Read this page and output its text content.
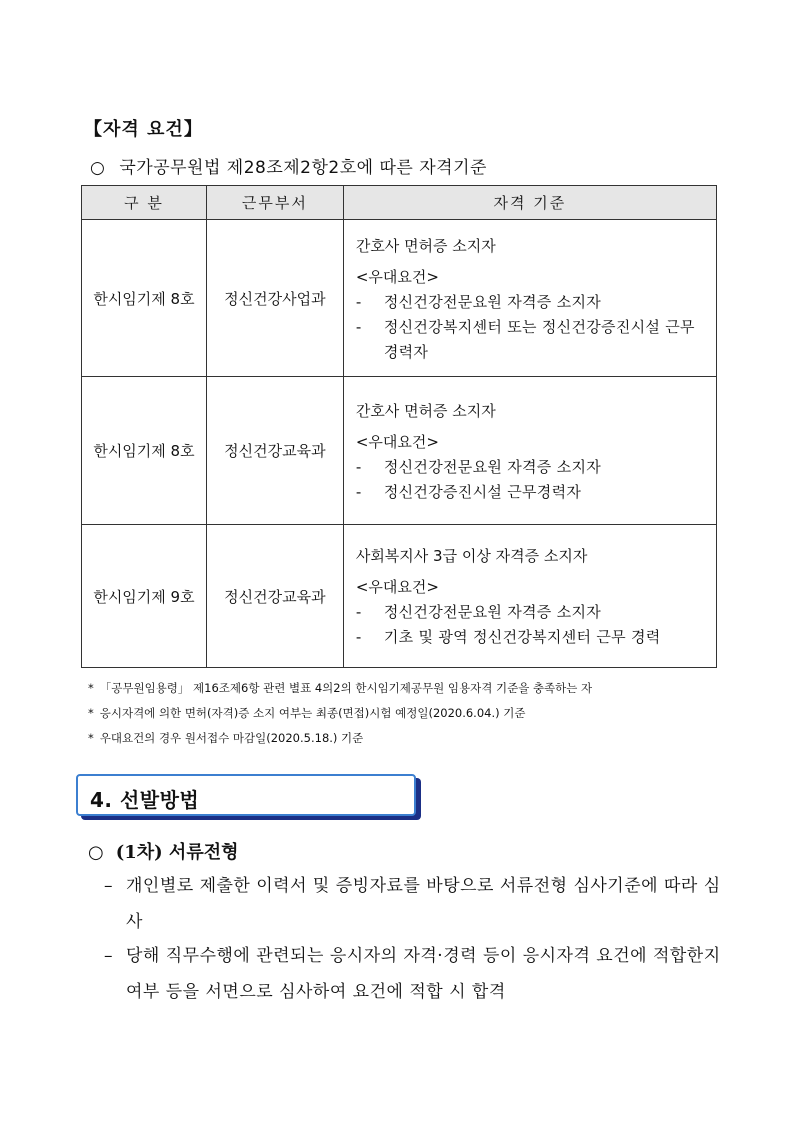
【자격 요건】
○ 국가공무원법 제28조제2항2호에 따른 자격기준
구 분	근무부서	자격 기준
한시임기제 8호	정신건강사업과	간호사 면허증 소지자
<우대요건>
- 정신건강전문요원 자격증 소지자
- 정신건강복지센터 또는 정신건강증진시설 근무 경력자

한시임기제 8호	정신건강교육과	간호사 면허증 소지자
<우대요건>
- 정신건강전문요원 자격증 소지자
- 정신건강증진시설 근무경력자

한시임기제 9호	정신건강교육과	사회복지사 3급 이상 자격증 소지자
<우대요건>
- 정신건강전문요원 자격증 소지자
- 기초 및 광역 정신건강복지센터 근무 경력
* 「공무원임용령」 제16조제6항 관련 별표 4의2의 한시임기제공무원 임용자격 기준을 충족하는 자
* 응시자격에 의한 면허(자격)증 소지 여부는 최종(면접)시험 예정일(2020.6.04.) 기준
* 우대요건의 경우 원서접수 마감일(2020.5.18.) 기준
4. 선발방법
○ (1차) 서류전형
– 개인별로 제출한 이력서 및 증빙자료를 바탕으로 서류전형 심사기준에 따라 심사
– 당해 직무수행에 관련되는 응시자의 자격·경력 등이 응시자격 요건에 적합한지 여부 등을 서면으로 심사하여 요건에 적합 시 합격
